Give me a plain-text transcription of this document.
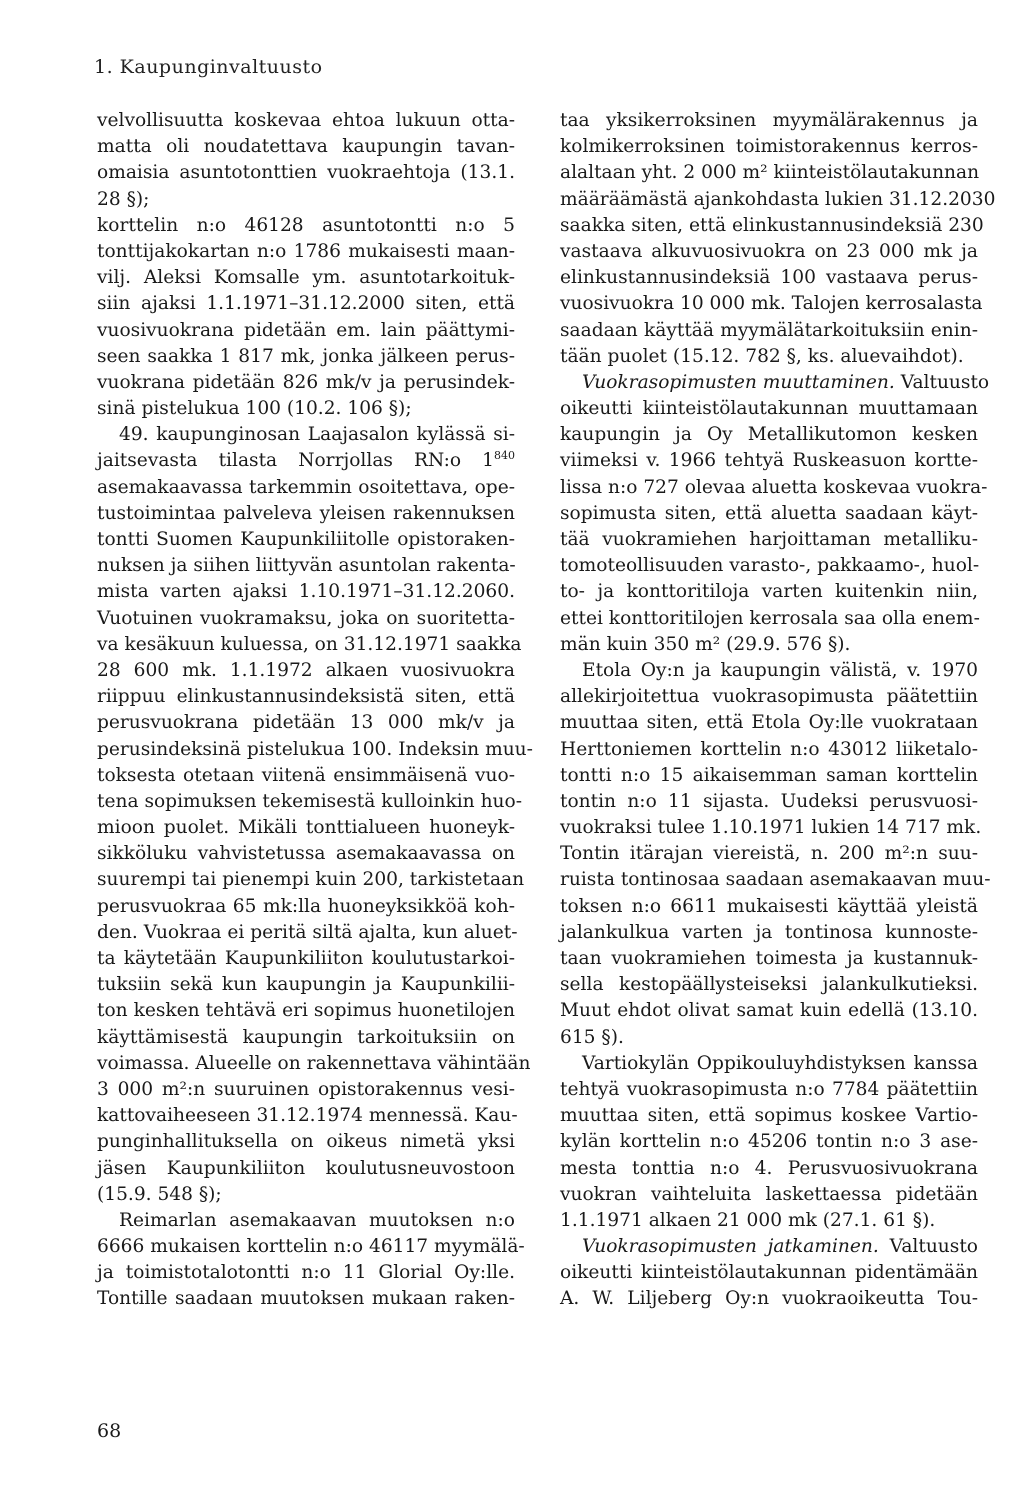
1. Kaupunginvaltuusto
velvollisuutta koskevaa ehtoa lukuun otta-
matta oli noudatettava kaupungin tavan-
omaisia asuntotonttien vuokraehtoja (13.1.
28 §);
korttelin n:o 46128 asuntotontti n:o 5
tonttijakokartan n:o 1786 mukaisesti maan-
vilj. Aleksi Komsalle ym. asuntotarkoituk-
siin ajaksi 1.1.1971–31.12.2000 siten, että
vuosivuokrana pidetään em. lain päättymi-
seen saakka 1 817 mk, jonka jälkeen perus-
vuokrana pidetään 826 mk/v ja perusindek-
sinä pistelukua 100 (10.2. 106 §);
49. kaupunginosan Laajasalon kylässä si-
jaitsevasta tilasta Norrjollas RN:o $1^{840}$
asemakaavassa tarkemmin osoitettava, ope-
tustoimintaa palveleva yleisen rakennuksen
tontti Suomen Kaupunkiliitolle opistoraken-
nuksen ja siihen liittyvän asuntolan rakenta-
mista varten ajaksi 1.10.1971–31.12.2060.
Vuotuinen vuokramaksu, joka on suoritetta-
va kesäkuun kuluessa, on 31.12.1971 saakka
28 600 mk. 1.1.1972 alkaen vuosivuokra
riippuu elinkustannusindeksistä siten, että
perusvuokrana pidetään 13 000 mk/v ja
perusindeksinä pistelukua 100. Indeksin muu-
toksesta otetaan viitenä ensimmäisenä vuo-
tena sopimuksen tekemisestä kulloinkin huo-
mioon puolet. Mikäli tonttialueen huoneyk-
sikköluku vahvistetussa asemakaavassa on
suurempi tai pienempi kuin 200, tarkistetaan
perusvuokraa 65 mk:lla huoneyksikköä koh-
den. Vuokraa ei peritä siltä ajalta, kun aluet-
ta käytetään Kaupunkiliiton koulutustarkoi-
tuksiin sekä kun kaupungin ja Kaupunkilii-
ton kesken tehtävä eri sopimus huonetilojen
käyttämisestä kaupungin tarkoituksiin on
voimassa. Alueelle on rakennettava vähintään
3 000 m²:n suuruinen opistorakennus vesi-
kattovaiheeseen 31.12.1974 mennessä. Kau-
punginhallituksella on oikeus nimetä yksi
jäsen Kaupunkiliiton koulutusneuvostoon
(15.9. 548 §);
Reimarlan asemakaavan muutoksen n:o
6666 mukaisen korttelin n:o 46117 myymälä-
ja toimistotalotontti n:o 11 Glorial Oy:lle.
Tontille saadaan muutoksen mukaan raken-
taa yksikerroksinen myymälärakennus ja
kolmikerroksinen toimistorakennus kerros-
alaltaan yht. 2 000 m² kiinteistölautakunnan
määräämästä ajankohdasta lukien 31.12.2030
saakka siten, että elinkustannusindeksiä 230
vastaava alkuvuosivuokra on 23 000 mk ja
elinkustannusindeksiä 100 vastaava perus-
vuosivuokra 10 000 mk. Talojen kerrosalasta
saadaan käyttää myymälätarkoituksiin enin-
tään puolet (15.12. 782 §, ks. aluevaihdot).
Vuokrasopimusten muuttaminen. Valtuusto
oikeutti kiinteistölautakunnan muuttamaan
kaupungin ja Oy Metallikutomon kesken
viimeksi v. 1966 tehtyä Ruskeasuon kortte-
lissa n:o 727 olevaa aluetta koskevaa vuokra-
sopimusta siten, että aluetta saadaan käyt-
tää vuokramiehen harjoittaman metalliku-
tomoteollisuuden varasto-, pakkaamo-, huol-
to- ja konttoritiloja varten kuitenkin niin,
ettei konttoritilojen kerrosala saa olla enem-
män kuin 350 m² (29.9. 576 §).
Etola Oy:n ja kaupungin välistä, v. 1970
allekirjoitettua vuokrasopimusta päätettiin
muuttaa siten, että Etola Oy:lle vuokrataan
Herttoniemen korttelin n:o 43012 liiketalo-
tontti n:o 15 aikaisemman saman korttelin
tontin n:o 11 sijasta. Uudeksi perusvuosi-
vuokraksi tulee 1.10.1971 lukien 14 717 mk.
Tontin itärajan viereistä, n. 200 m²:n suu-
ruista tontinosaa saadaan asemakaavan muu-
toksen n:o 6611 mukaisesti käyttää yleistä
jalankulkua varten ja tontinosa kunnoste-
taan vuokramiehen toimesta ja kustannuk-
sella kestopäällysteiseksi jalankulkutieksi.
Muut ehdot olivat samat kuin edellä (13.10.
615 §).
Vartiokylän Oppikouluyhdistyksen kanssa
tehtyä vuokrasopimusta n:o 7784 päätettiin
muuttaa siten, että sopimus koskee Vartio-
kylän korttelin n:o 45206 tontin n:o 3 ase-
mesta tonttia n:o 4. Perusvuosivuokrana
vuokran vaihteluita laskettaessa pidetään
1.1.1971 alkaen 21 000 mk (27.1. 61 §).
Vuokrasopimusten jatkaminen. Valtuusto
oikeutti kiinteistölautakunnan pidentämään
A. W. Liljeberg Oy:n vuokraoikeutta Tou-
68
